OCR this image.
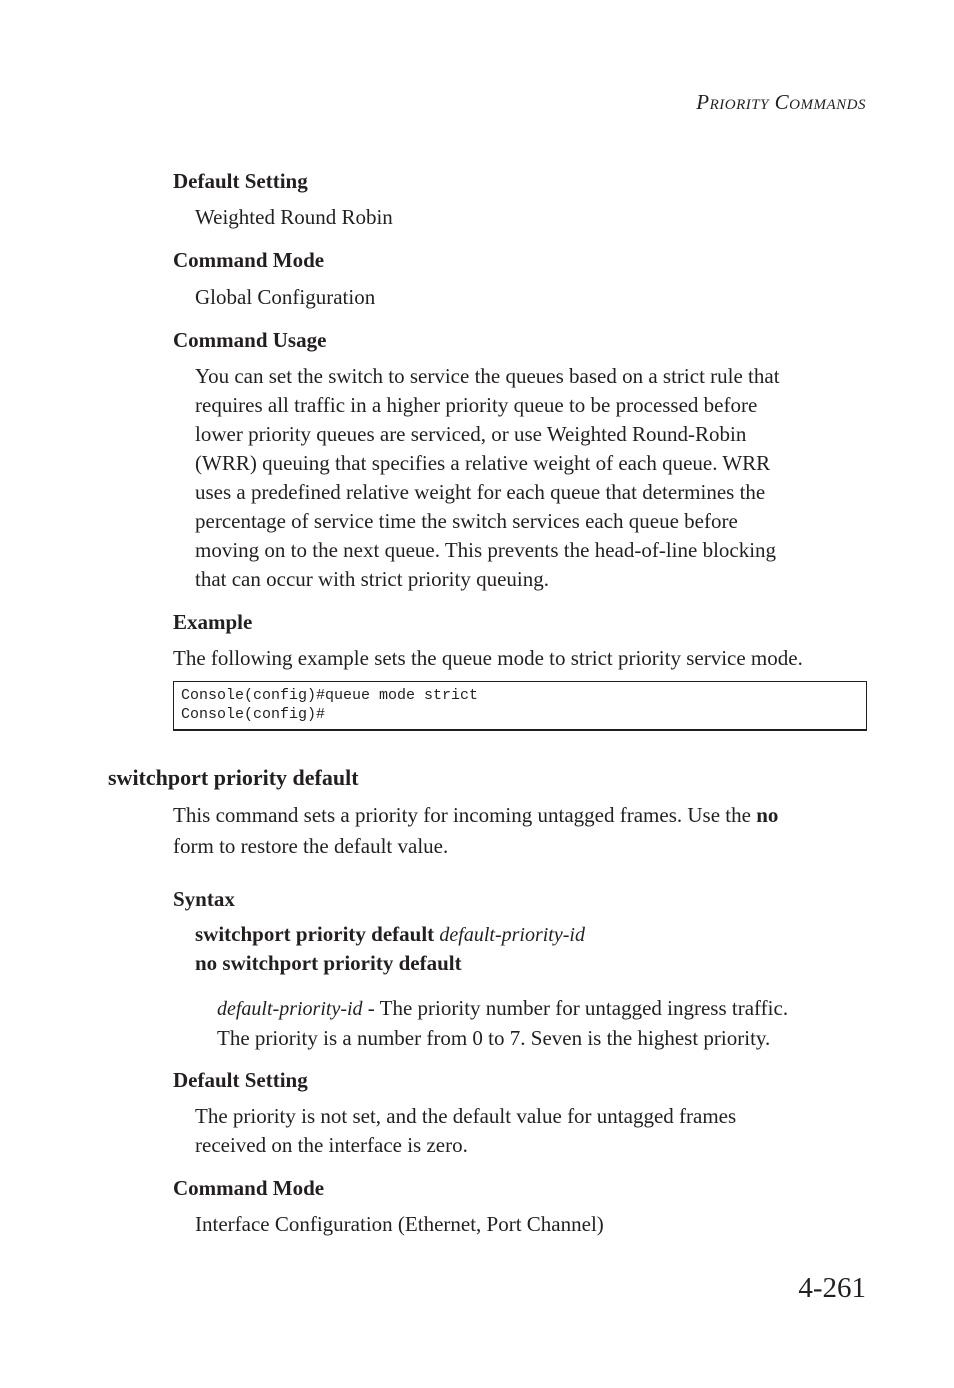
Priority Commands
Default Setting
Weighted Round Robin
Command Mode
Global Configuration
Command Usage
You can set the switch to service the queues based on a strict rule that
requires all traffic in a higher priority queue to be processed before
lower priority queues are serviced, or use Weighted Round-Robin
(WRR) queuing that specifies a relative weight of each queue. WRR
uses a predefined relative weight for each queue that determines the
percentage of service time the switch services each queue before
moving on to the next queue. This prevents the head-of-line blocking
that can occur with strict priority queuing.
Example
The following example sets the queue mode to strict priority service mode.
Console(config)#queue mode strict
Console(config)#
switchport priority default
This command sets a priority for incoming untagged frames. Use the no
form to restore the default value.
Syntax
switchport priority default default-priority-id
no switchport priority default
default-priority-id - The priority number for untagged ingress traffic.
The priority is a number from 0 to 7. Seven is the highest priority.
Default Setting
The priority is not set, and the default value for untagged frames
received on the interface is zero.
Command Mode
Interface Configuration (Ethernet, Port Channel)
4-261
